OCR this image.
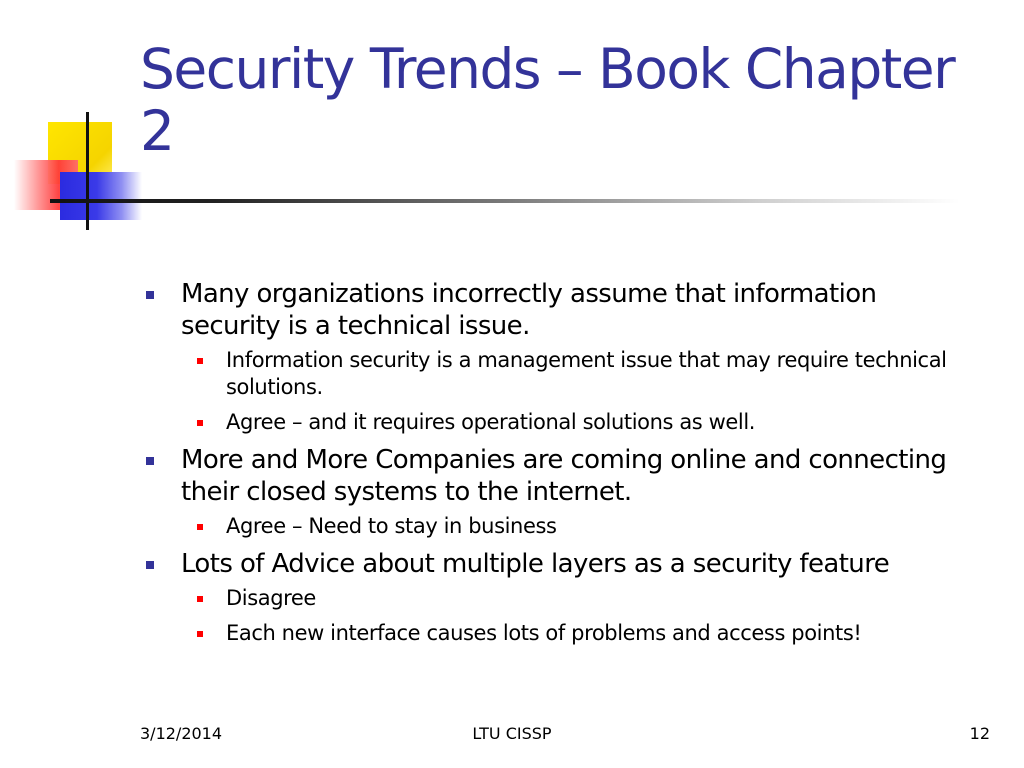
Security Trends – Book Chapter 2

Many organizations incorrectly assume that information security is a technical issue.

Information security is a management issue that may require technical solutions.

Agree – and it requires operational solutions as well.

More and More Companies are coming online and connecting their closed systems to the internet.

Agree – Need to stay in business

Lots of Advice about multiple layers as a security feature

Disagree

Each new interface causes lots of problems and access points!

3/12/2014	LTU CISSP	12
